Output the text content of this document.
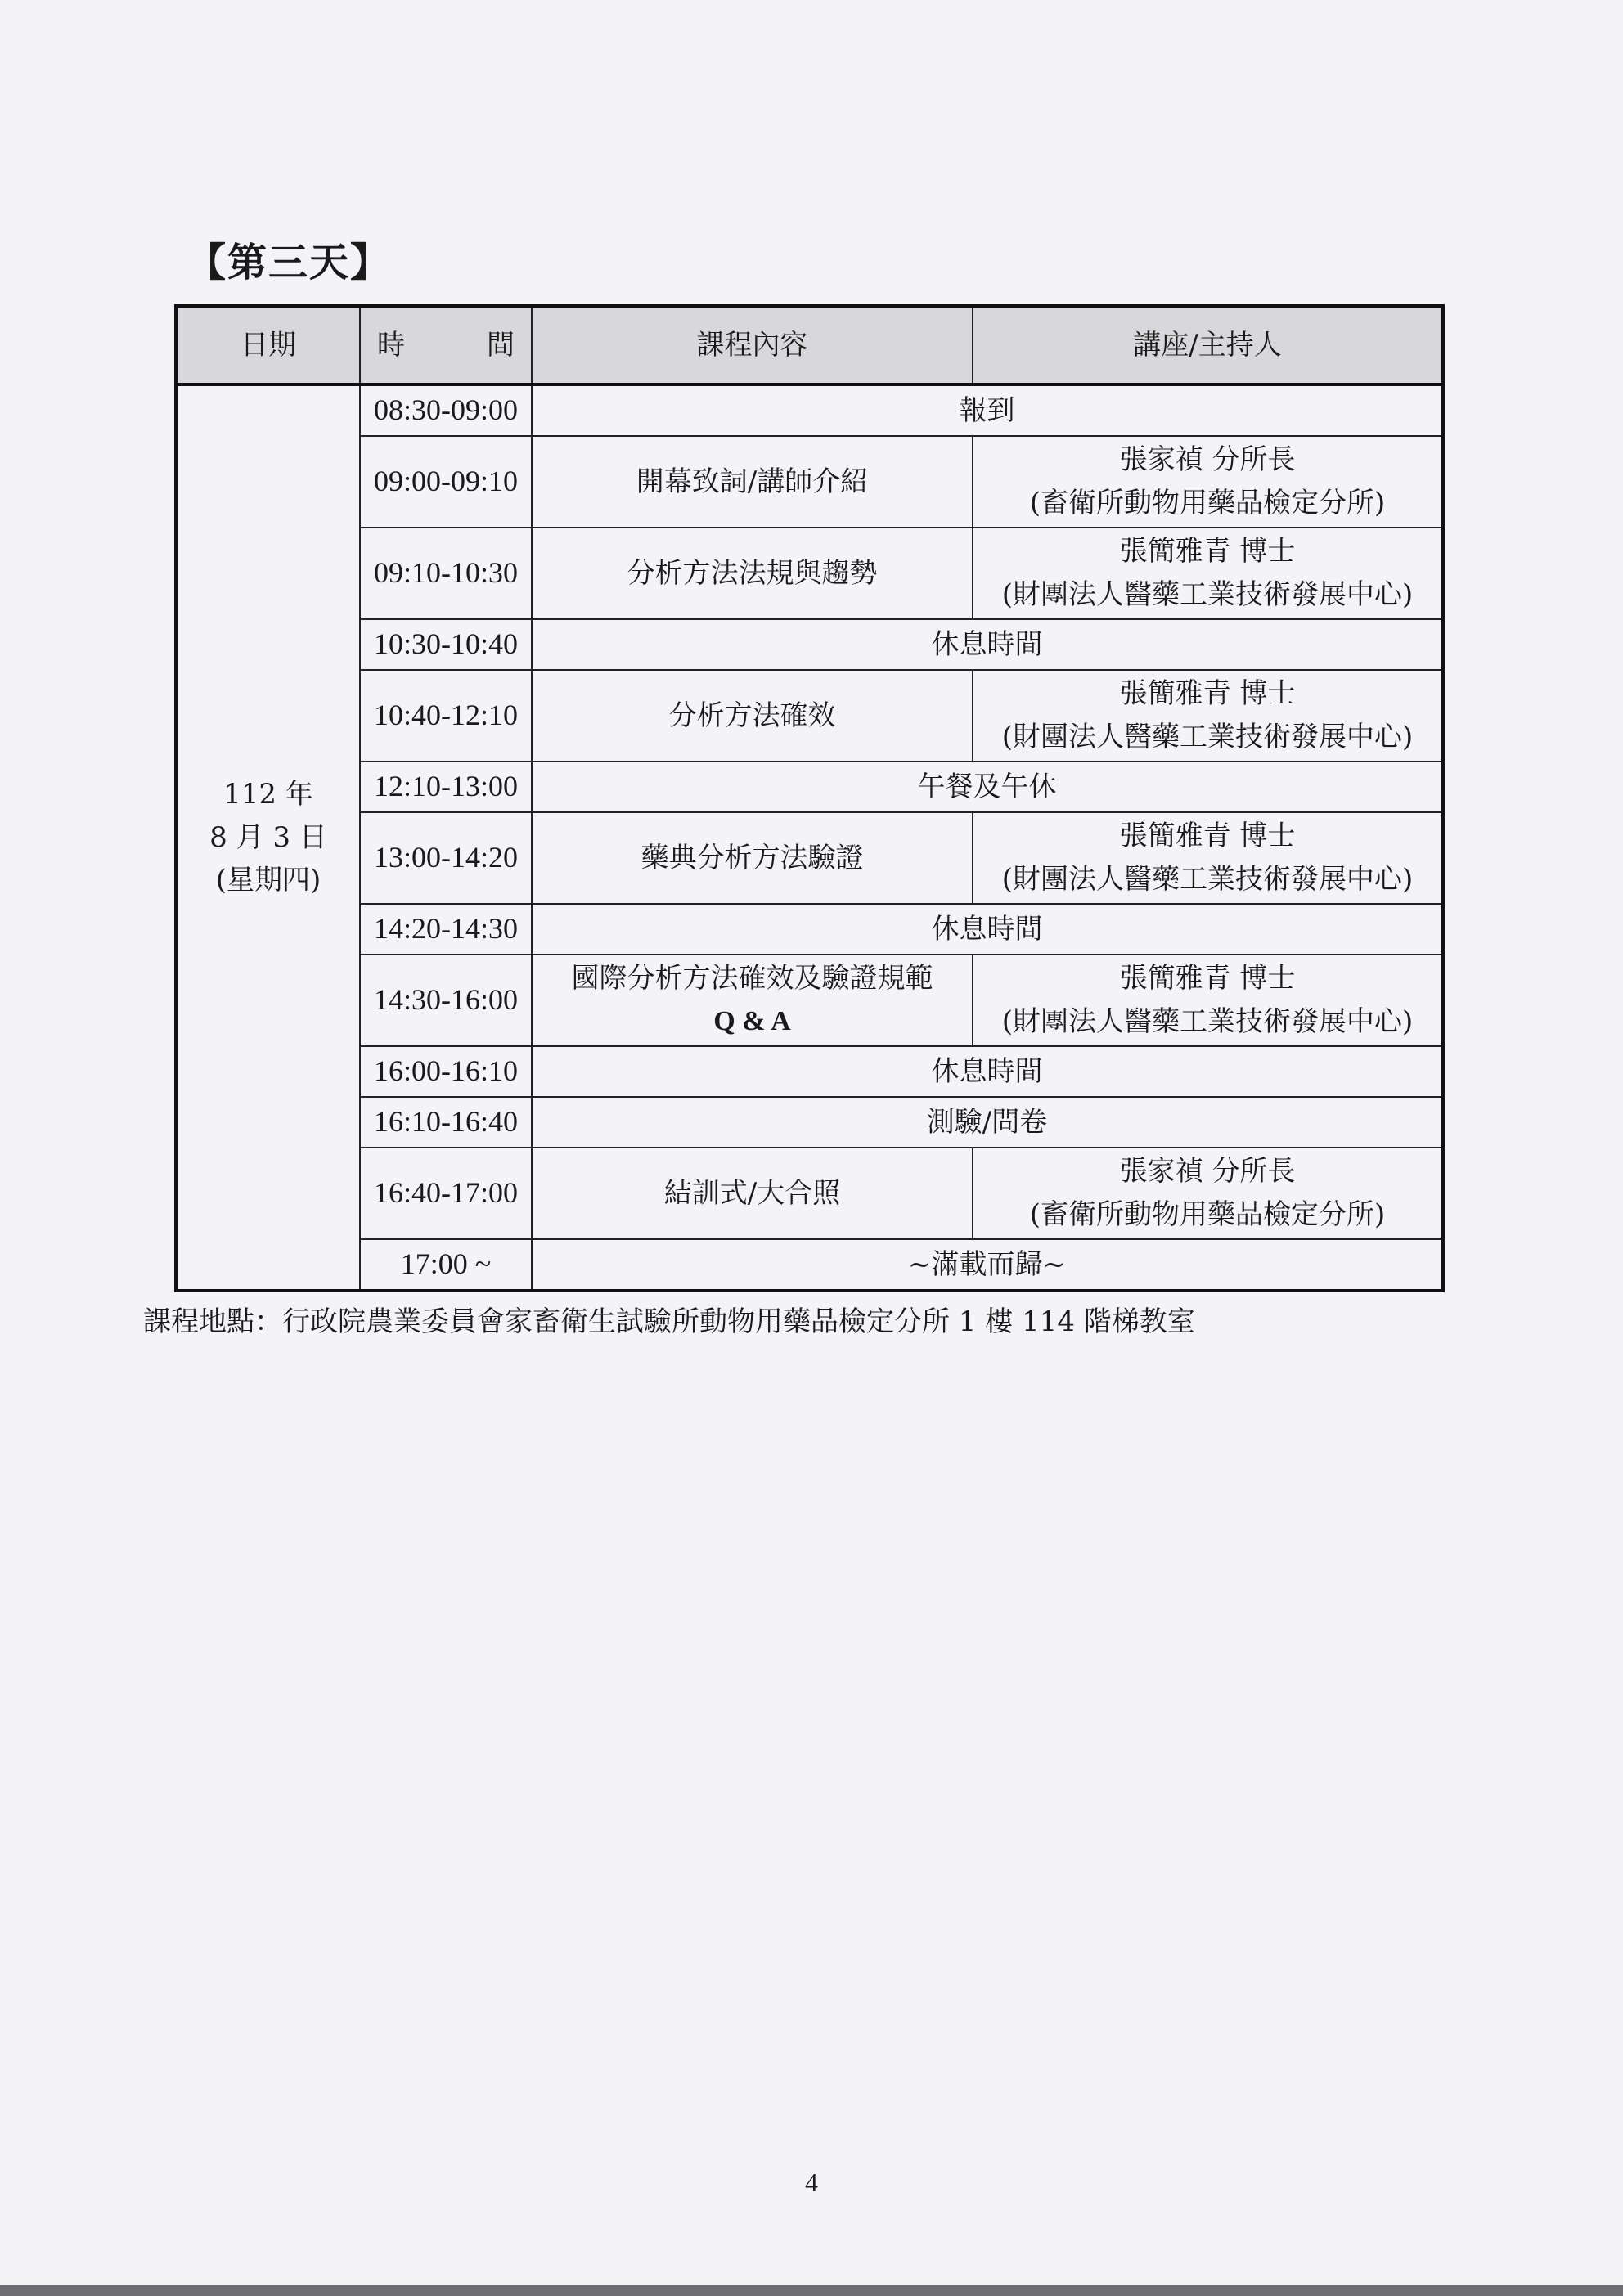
【第三天】
日期	時 間	課程內容	講座/主持人

112 年
8 月 3 日
(星期四)	08:30-09:00	報到	
	09:00-09:10	開幕致詞/講師介紹	張家禎 分所長
(畜衛所動物用藥品檢定分所)

	09:10-10:30	分析方法法規與趨勢	張簡雅青 博士
(財團法人醫藥工業技術發展中心)

	10:30-10:40	休息時間	
	10:40-12:10	分析方法確效	張簡雅青 博士
(財團法人醫藥工業技術發展中心)

	12:10-13:00	午餐及午休	
	13:00-14:20	藥典分析方法驗證	張簡雅青 博士
(財團法人醫藥工業技術發展中心)

	14:20-14:30	休息時間	
	14:30-16:00	國際分析方法確效及驗證規範
Q & A	張簡雅青 博士
(財團法人醫藥工業技術發展中心)

	16:00-16:10	休息時間	
	16:10-16:40	測驗/問卷	
	16:40-17:00	結訓式/大合照	張家禎 分所長
(畜衛所動物用藥品檢定分所)

	17:00 ~	~滿載而歸~	
課程地點：行政院農業委員會家畜衛生試驗所動物用藥品檢定分所 1 樓 114 階梯教室
4
